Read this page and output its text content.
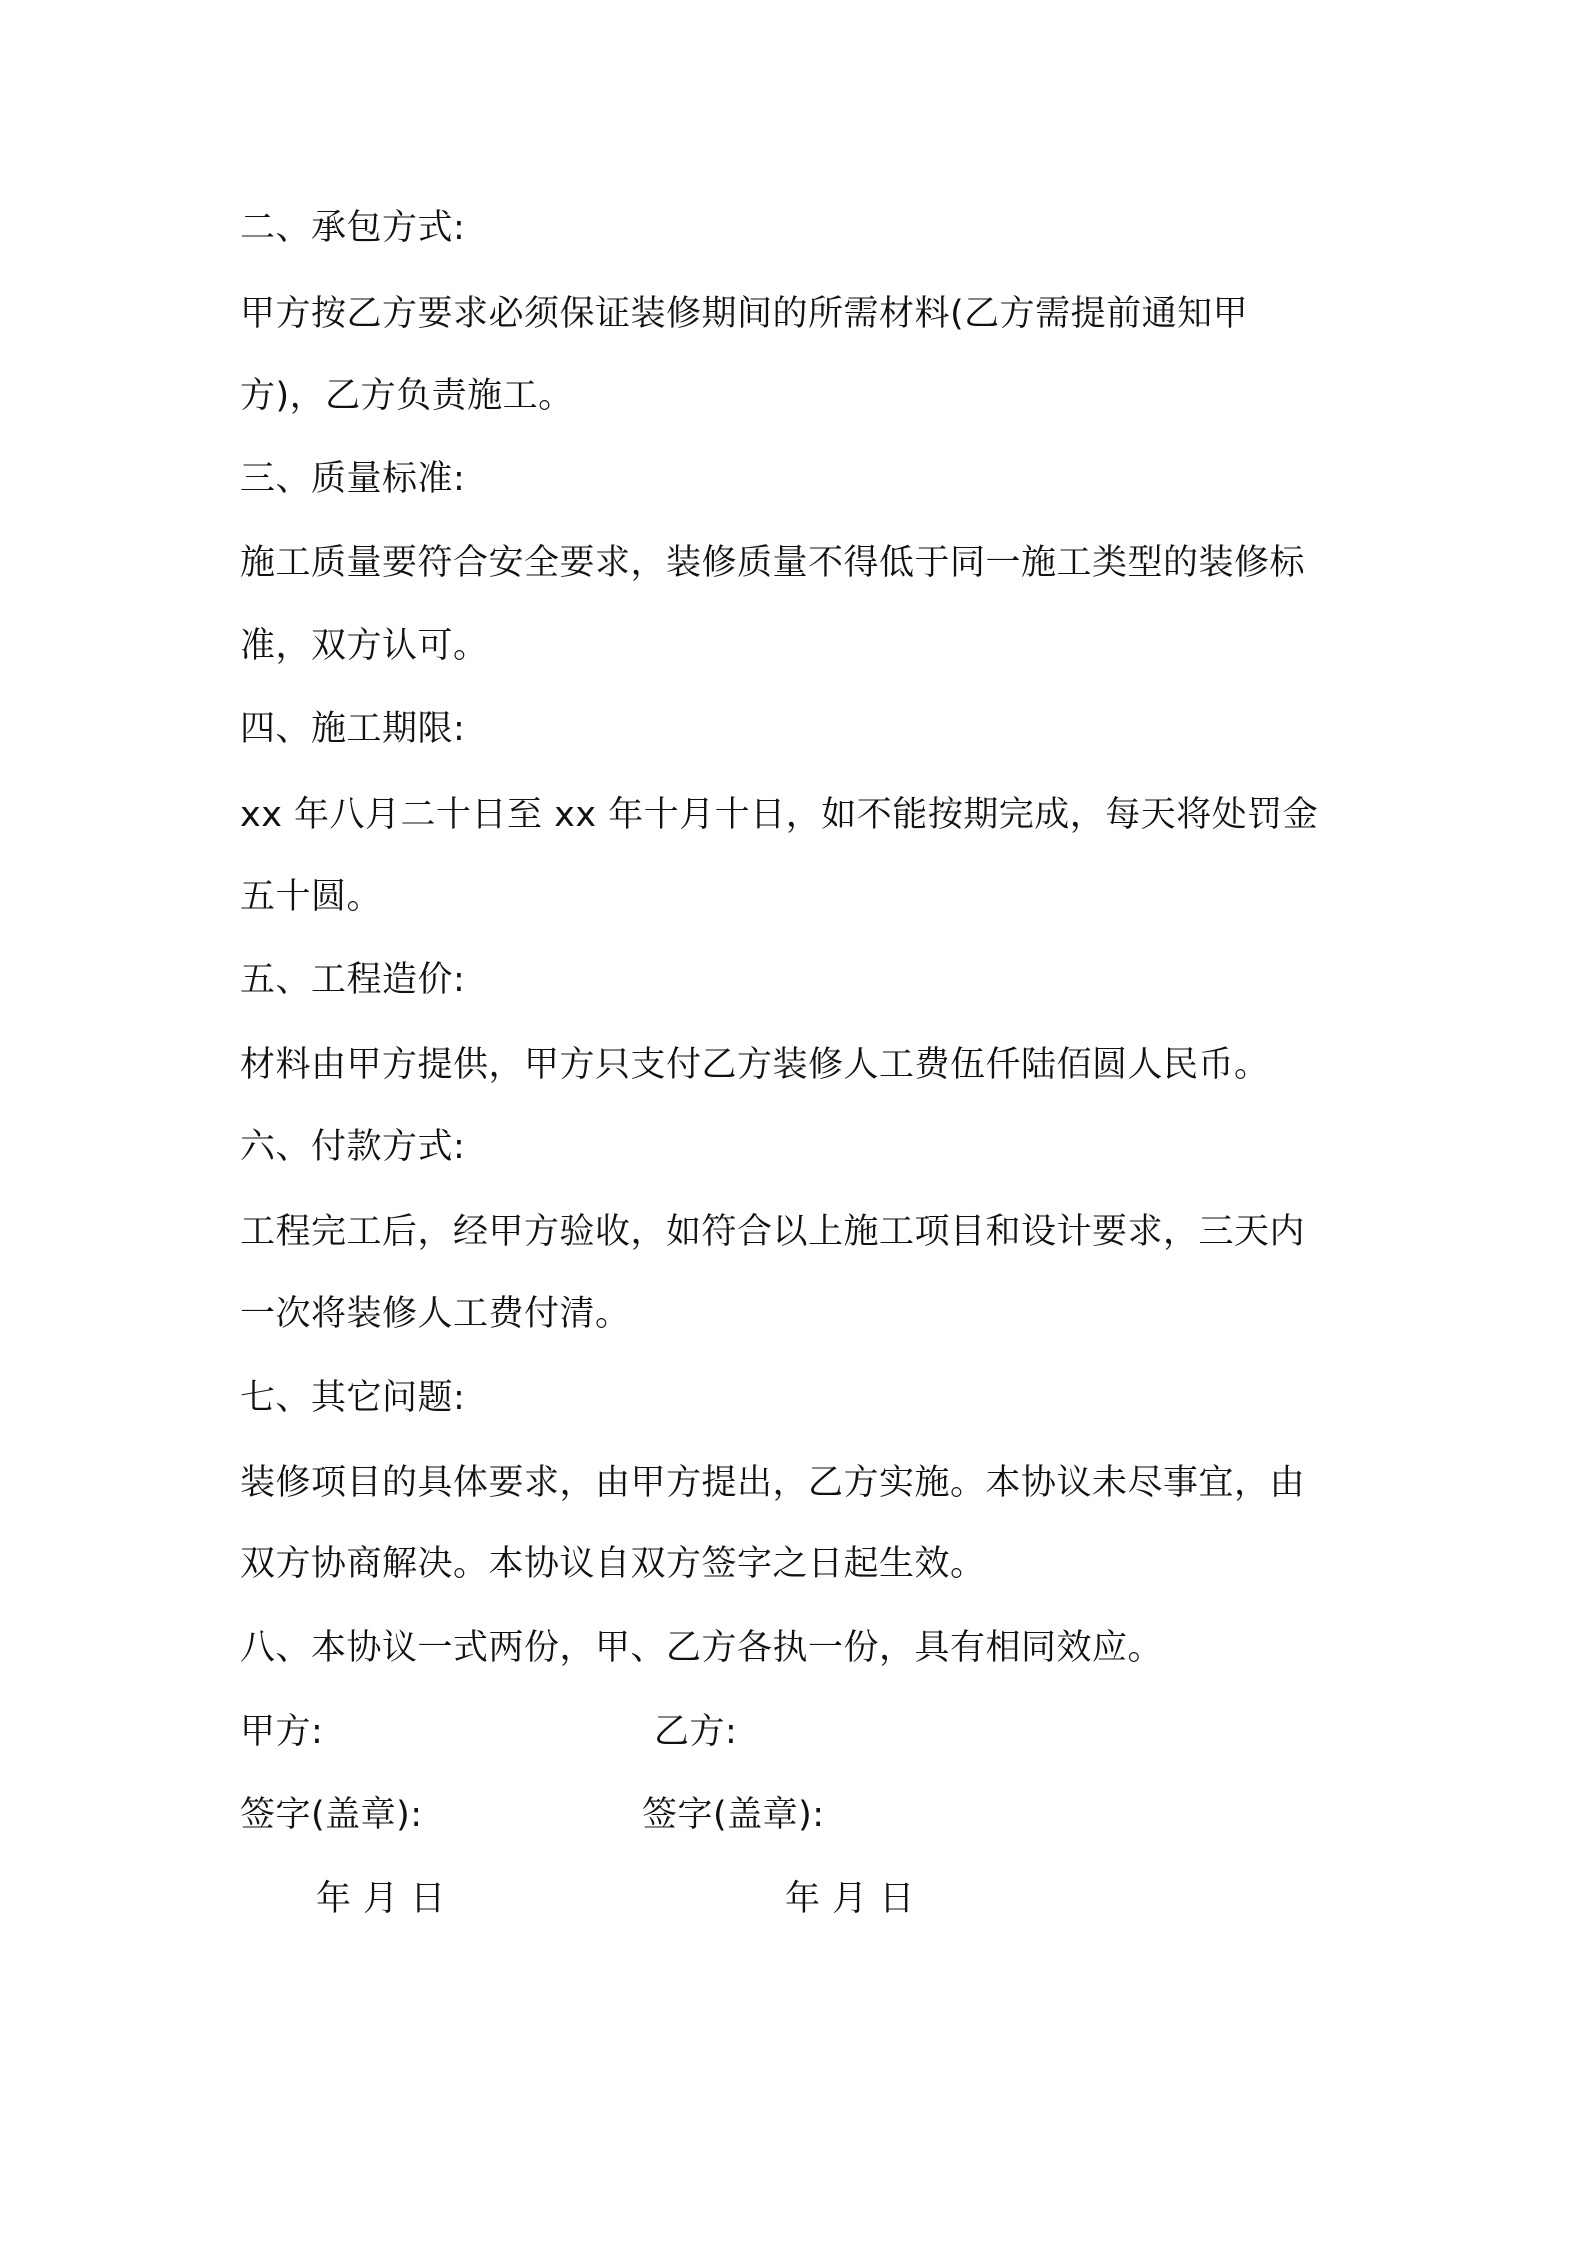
二、承包方式:
甲方按乙方要求必须保证装修期间的所需材料(乙方需提前通知甲
方)，乙方负责施工。
三、质量标准:
施工质量要符合安全要求，装修质量不得低于同一施工类型的装修标
准，双方认可。
四、施工期限:
xx 年八月二十日至 xx 年十月十日，如不能按期完成，每天将处罚金
五十圆。
五、工程造价:
材料由甲方提供，甲方只支付乙方装修人工费伍仟陆佰圆人民币。
六、付款方式:
工程完工后，经甲方验收，如符合以上施工项目和设计要求，三天内
一次将装修人工费付清。
七、其它问题:
装修项目的具体要求，由甲方提出，乙方实施。本协议未尽事宜，由
双方协商解决。本协议自双方签字之日起生效。
八、本协议一式两份，甲、乙方各执一份，具有相同效应。
甲方:	乙方:
签字(盖章):	签字(盖章):
年 月 日	年 月 日
